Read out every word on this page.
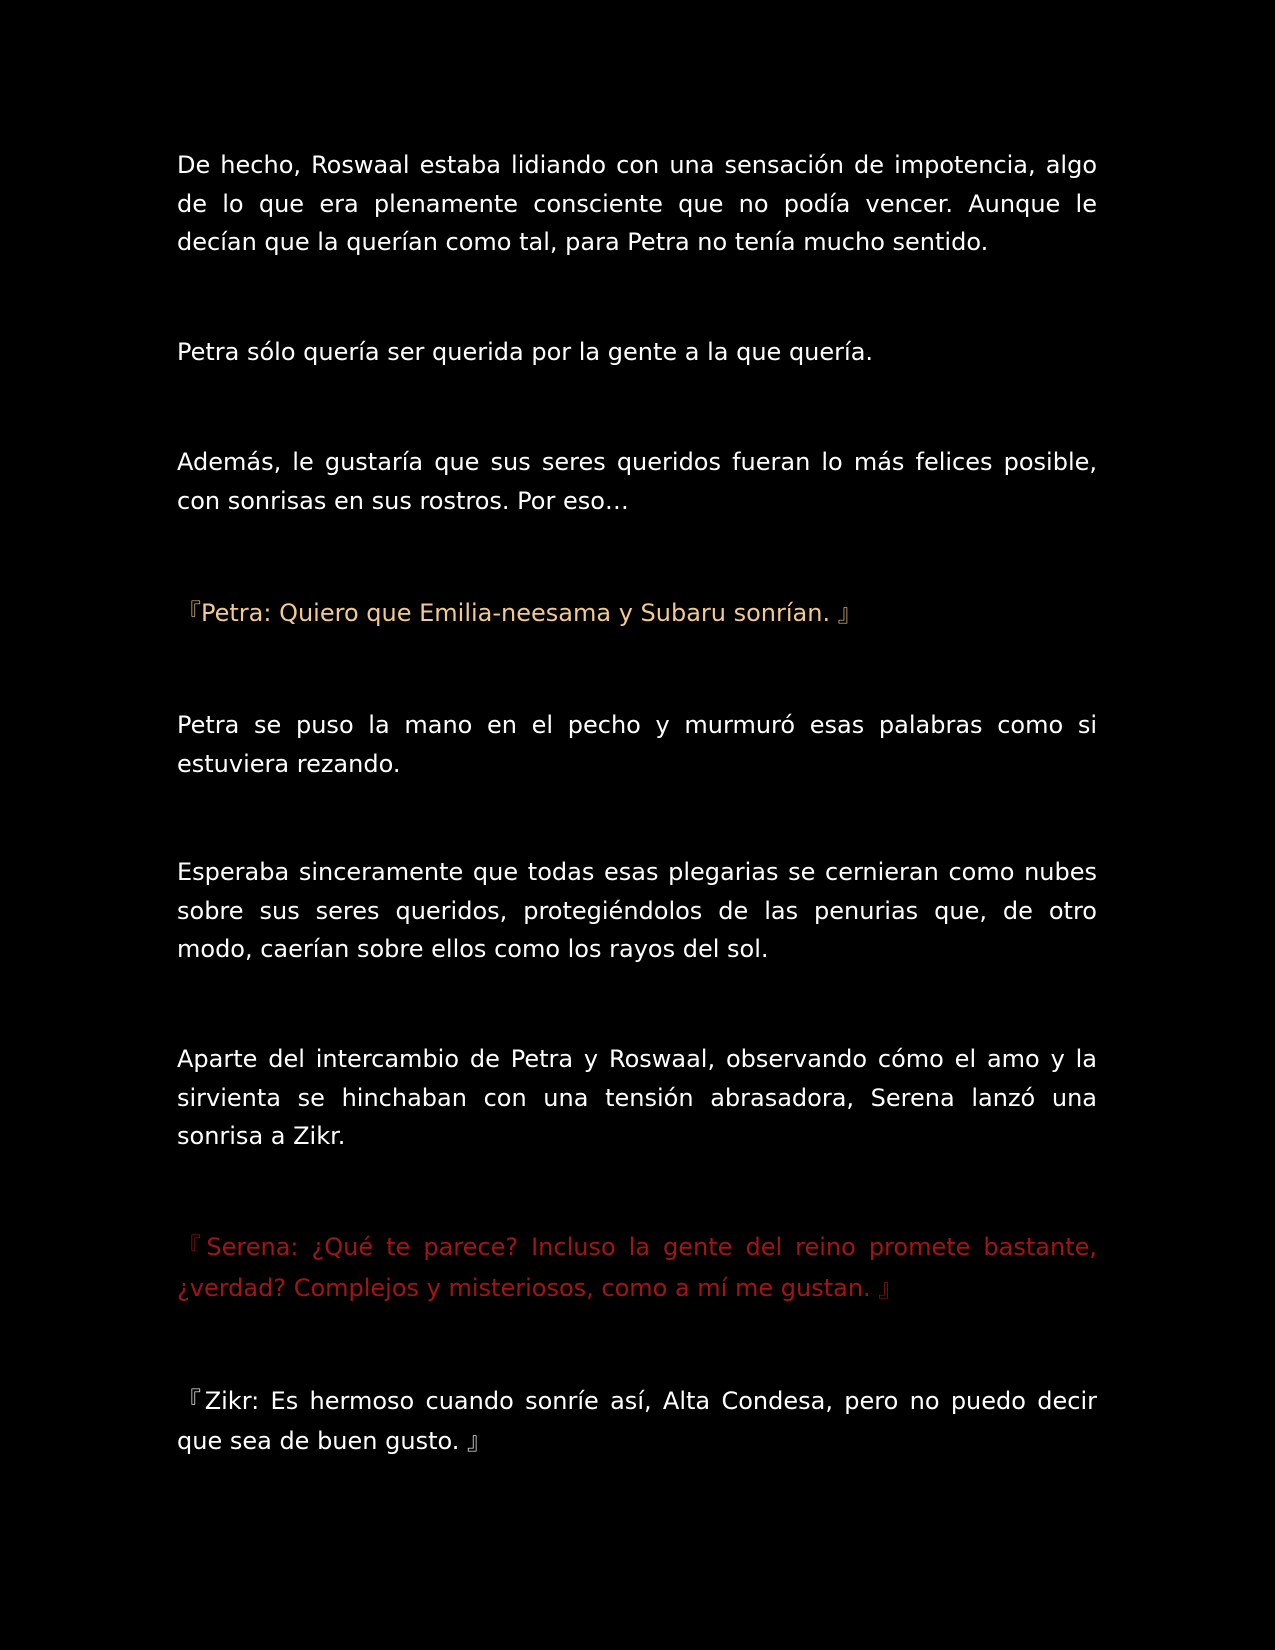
De hecho, Roswaal estaba lidiando con una sensación de impotencia, algo de lo que era plenamente consciente que no podía vencer. Aunque le decían que la querían como tal, para Petra no tenía mucho sentido.

Petra sólo quería ser querida por la gente a la que quería.

Además, le gustaría que sus seres queridos fueran lo más felices posible, con sonrisas en sus rostros. Por eso…

『Petra: Quiero que Emilia-neesama y Subaru sonrían. 』

Petra se puso la mano en el pecho y murmuró esas palabras como si estuviera rezando.

Esperaba sinceramente que todas esas plegarias se cernieran como nubes sobre sus seres queridos, protegiéndolos de las penurias que, de otro modo, caerían sobre ellos como los rayos del sol.

Aparte del intercambio de Petra y Roswaal, observando cómo el amo y la sirvienta se hinchaban con una tensión abrasadora, Serena lanzó una sonrisa a Zikr.

『Serena: ¿Qué te parece? Incluso la gente del reino promete bastante, ¿verdad? Complejos y misteriosos, como a mí me gustan. 』

『Zikr: Es hermoso cuando sonríe así, Alta Condesa, pero no puedo decir que sea de buen gusto. 』
